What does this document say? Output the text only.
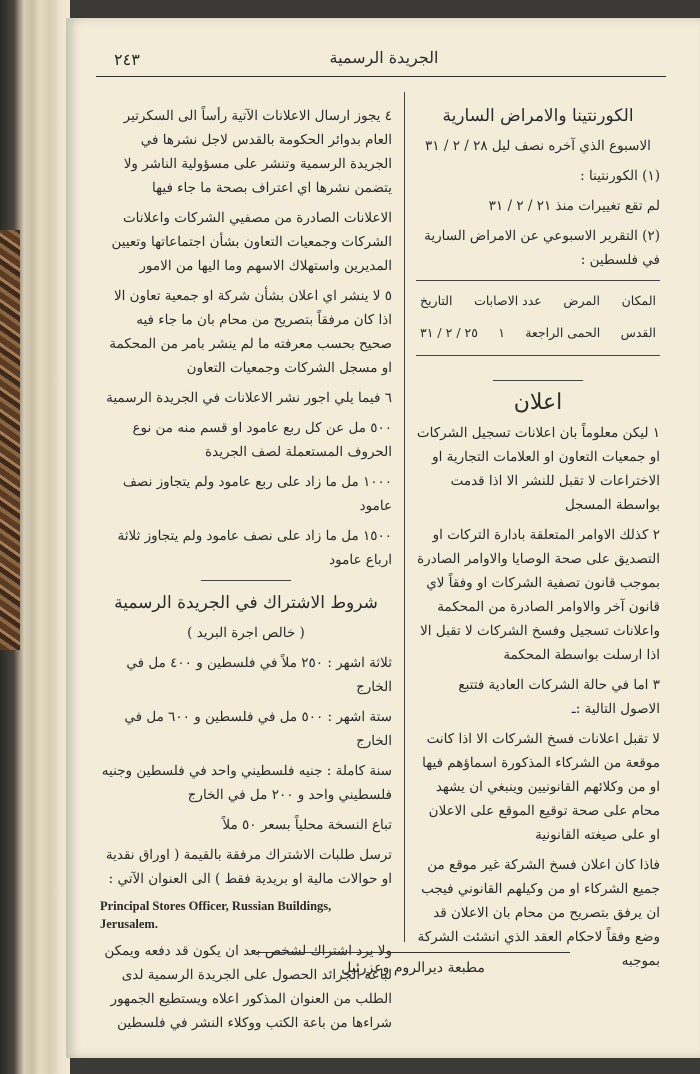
٢٤٣	الجريدة الرسمية

الكورنتينا والامراض السارية

الاسبوع الذي آخره نصف ليل ٢٨ / ٢ / ٣١

(١) الكورنتينا :

لم تقع تغييرات منذ ٢١ / ٢ / ٣١

(٢) التقرير الاسبوعي عن الامراض السارية في فلسطين :

المكان
المرض
عدد الاصابات
التاريخ
القدس
الحمى الراجعة
١
٢٥ / ٢ / ٣١

اعلان

١ ليكن معلوماً بان اعلانات تسجيل الشركات او جمعيات التعاون او العلامات التجارية او الاختراعات لا تقبل للنشر الا اذا قدمت بواسطة المسجل

٢ كذلك الاوامر المتعلقة بادارة التركات او التصديق على صحة الوصايا والاوامر الصادرة بموجب قانون تصفية الشركات او وفقاً لاي قانون آخر والاوامر الصادرة من المحكمة واعلانات تسجيل وفسخ الشركات لا تقبل الا اذا ارسلت بواسطة المحكمة

٣ اما في حالة الشركات العادية فتتبع الاصول التالية :ـ

لا تقبل اعلانات فسخ الشركات الا اذا كانت موقعة من الشركاء المذكورة اسماؤهم فيها او من وكلائهم القانونيين وينبغي ان يشهد محام على صحة توقيع الموقع على الاعلان او على صيغته القانونية

فاذا كان اعلان فسخ الشركة غير موقع من جميع الشركاء او من وكيلهم القانوني فيجب ان يرفق بتصريح من محام بان الاعلان قد وضع وفقاً لاحكام العقد الذي انشئت الشركة بموجبه

٤ يجوز ارسال الاعلانات الآتية رأساً الى السكرتير العام بدوائر الحكومة بالقدس لاجل نشرها في الجريدة الرسمية وتنشر على مسؤولية الناشر ولا يتضمن نشرها اي اعتراف بصحة ما جاء فيها

الاعلانات الصادرة من مصفيي الشركات واعلانات الشركات وجمعيات التعاون بشأن اجتماعاتها وتعيين المديرين واستهلاك الاسهم وما اليها من الامور

٥ لا ينشر اي اعلان بشأن شركة او جمعية تعاون الا اذا كان مرفقاً بتصريح من محام بان ما جاء فيه صحيح بحسب معرفته ما لم ينشر بامر من المحكمة او مسجل الشركات وجمعيات التعاون

٦ فيما يلي اجور نشر الاعلانات في الجريدة الرسمية

٥٠٠ مل عن كل ربع عامود او قسم منه من نوع الحروف المستعملة لصف الجريدة

١٠٠٠ مل ما زاد على ربع عامود ولم يتجاوز نصف عامود

١٥٠٠ مل ما زاد على نصف عامود ولم يتجاوز ثلاثة ارباع عامود

شروط الاشتراك في الجريدة الرسمية

( خالص اجرة البريد )

ثلاثة اشهر : ٢٥٠ ملاً في فلسطين و ٤٠٠ مل في الخارج

ستة اشهر : ٥٠٠ مل في فلسطين و ٦٠٠ مل في الخارج

سنة كاملة : جنيه فلسطيني واحد في فلسطين وجنيه فلسطيني واحد و ٢٠٠ مل في الخارج

تباع النسخة محلياً بسعر ٥٠ ملاً

ترسل طلبات الاشتراك مرفقة بالقيمة ( اوراق نقدية او حوالات مالية او بريدية فقط ) الى العنوان الآتي :

Principal Stores Officer, Russian Buildings, Jerusalem.

ولا يرد اشتراك لشخص بعد ان يكون قد دفعه ويمكن لباعة الجرائد الحصول على الجريدة الرسمية لدى الطلب من العنوان المذكور اعلاه ويستطيع الجمهور شراءها من باعة الكتب ووكلاء النشر في فلسطين

مطبعة ديرالروم وعزرئيل
